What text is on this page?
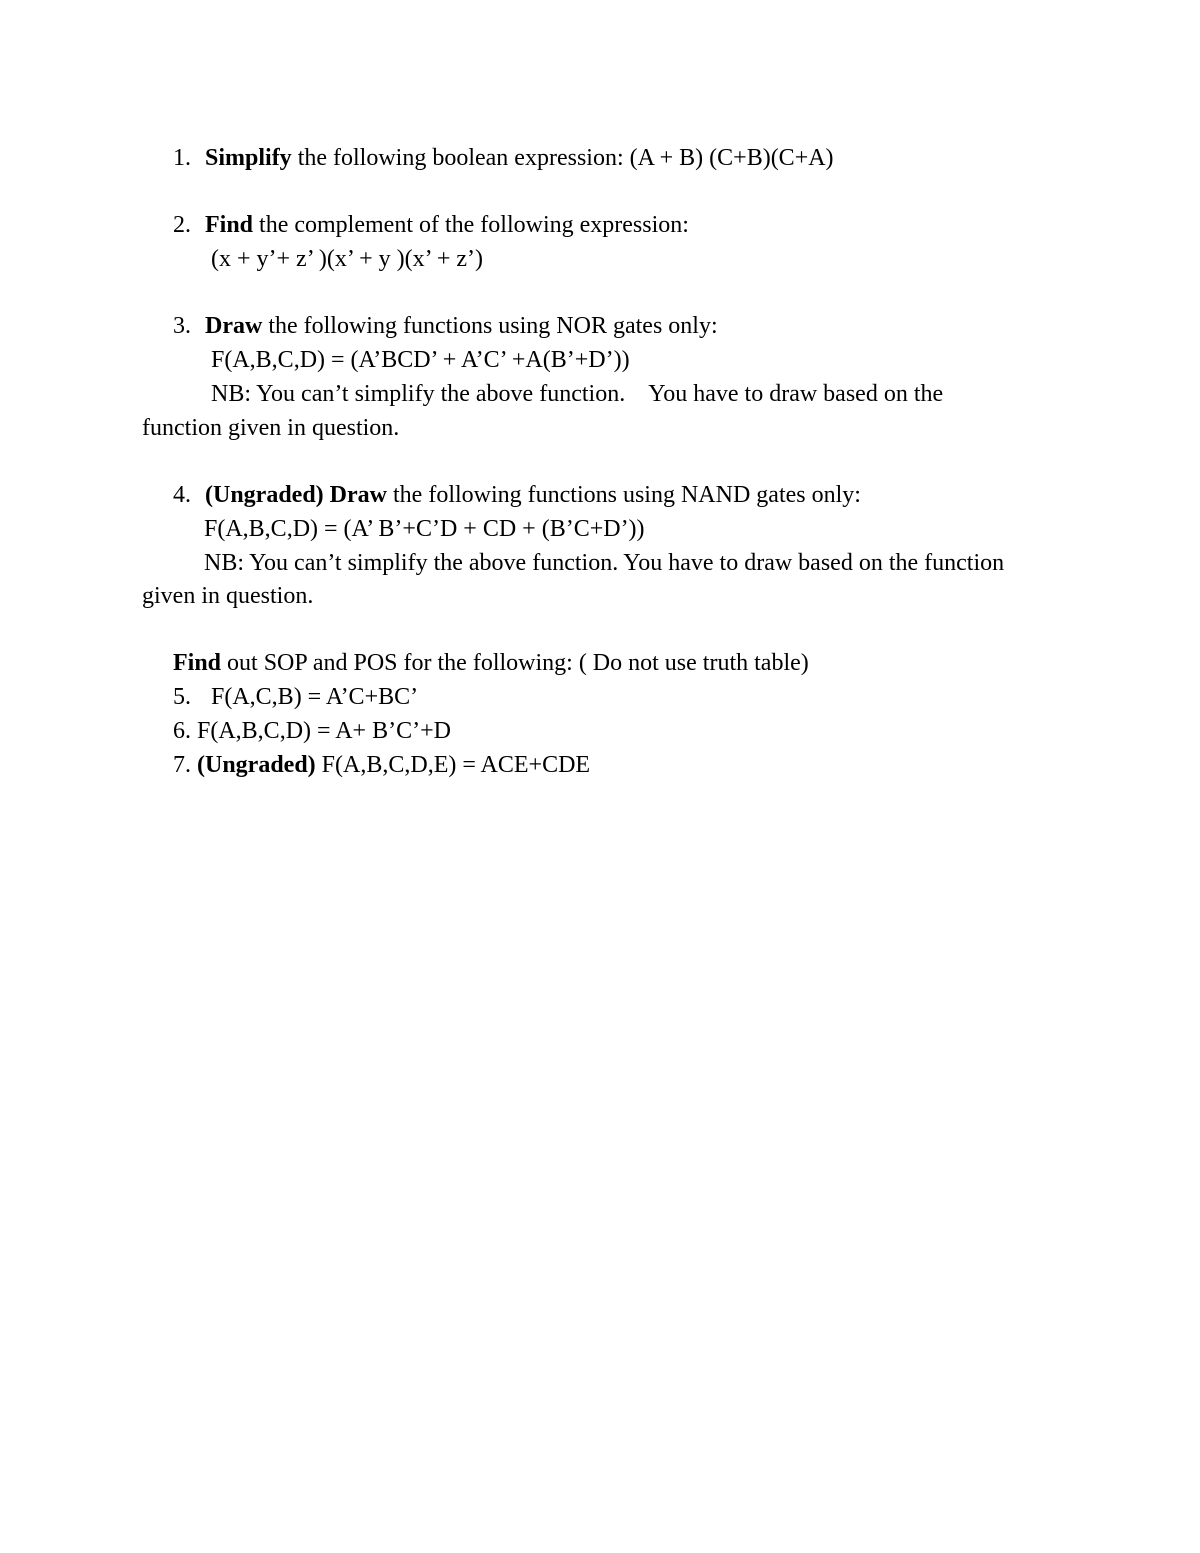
1. Simplify the following boolean expression: (A + B) (C+B)(C+A)
2. Find the complement of the following expression:
(x + y’+ z’ )(x’ + y )(x’ + z’)
3. Draw the following functions using NOR gates only:
F(A,B,C,D) = (A’BCD’ + A’C’ +A(B’+D’))
NB: You can’t simplify the above function.    You have to draw based on the
function given in question.
4. (Ungraded) Draw the following functions using NAND gates only:
F(A,B,C,D) = (A’ B’+C’D + CD + (B’C+D’))
NB: You can’t simplify the above function. You have to draw based on the function
given in question.
Find out SOP and POS for the following: ( Do not use truth table)
5. F(A,C,B) = A’C+BC’
6. F(A,B,C,D) = A+ B’C’+D
7. (Ungraded) F(A,B,C,D,E) = ACE+CDE
